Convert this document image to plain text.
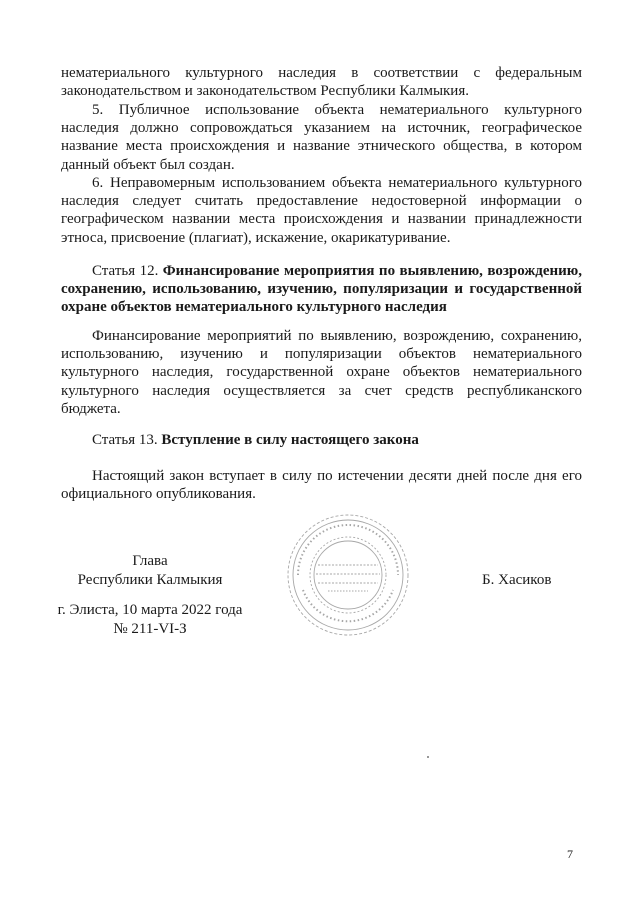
нематериального культурного наследия в соответствии с федеральным законодательством и законодательством Республики Калмыкия.

5. Публичное использование объекта нематериального культурного наследия должно сопровождаться указанием на источник, географическое название места происхождения и название этнического общества, в котором данный объект был создан.

6. Неправомерным использованием объекта нематериального культурного наследия следует считать предоставление недостоверной информации о географическом названии места происхождения и названии принадлежности этноса, присвоение (плагиат), искажение, окарикатуривание.

Статья 12. Финансирование мероприятия по выявлению, возрождению, сохранению, использованию, изучению, популяризации и государственной охране объектов нематериального культурного наследия

Финансирование мероприятий по выявлению, возрождению, сохранению, использованию, изучению и популяризации объектов нематериального культурного наследия, государственной охране объектов нематериального культурного наследия осуществляется за счет средств республиканского бюджета.

Статья 13. Вступление в силу настоящего закона

Настоящий закон вступает в силу по истечении десяти дней после дня его официального опубликования.

Глава
Республики Калмыкия	Б. Хасиков
г. Элиста, 10 марта 2022 года
№ 211-VI-З
7
